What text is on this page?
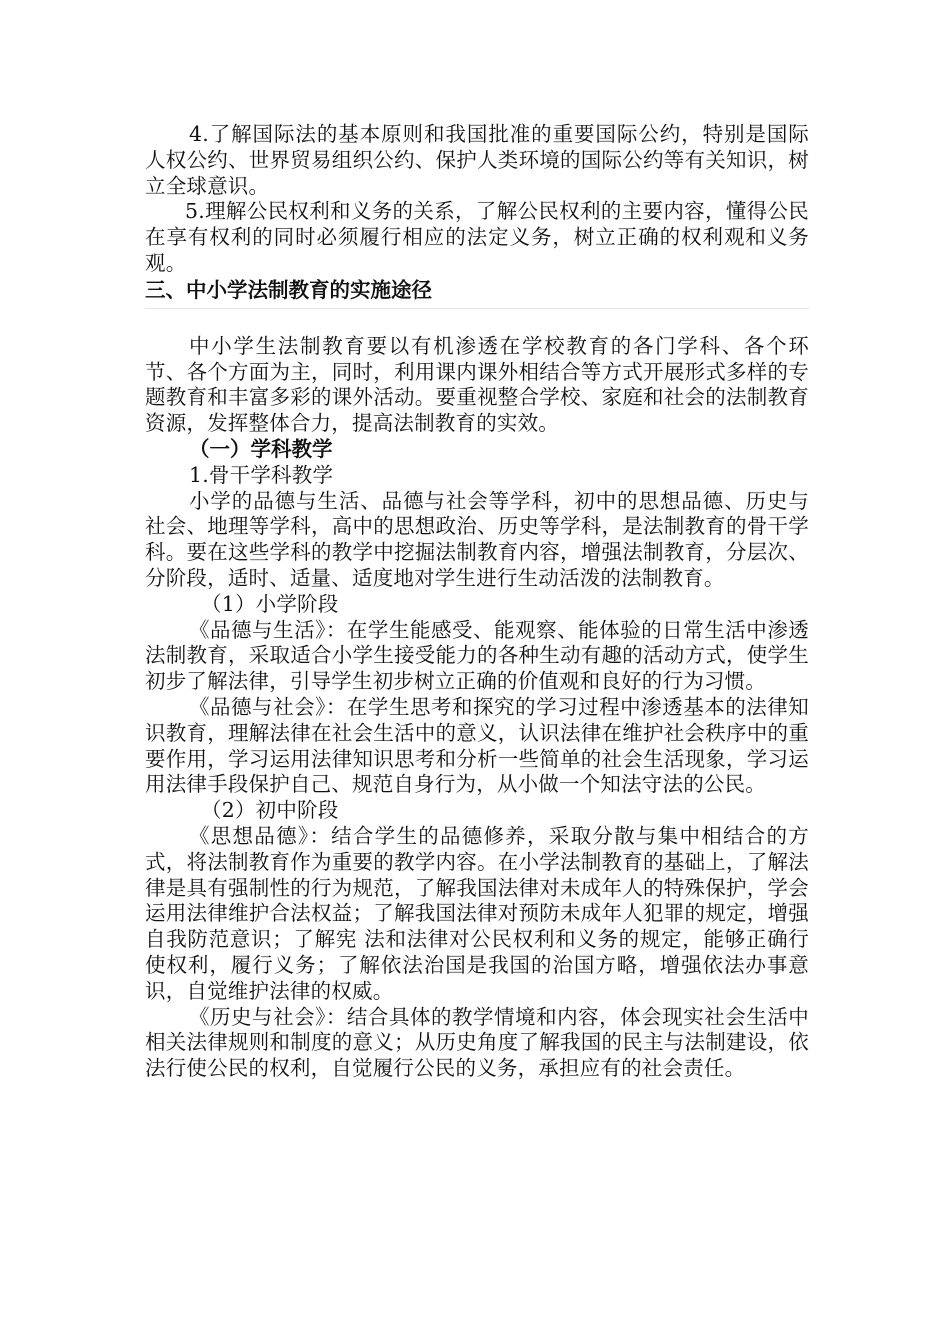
4.了解国际法的基本原则和我国批准的重要国际公约，特别是国际人权公约、世界贸易组织公约、保护人类环境的国际公约等有关知识，树立全球意识。

5.理解公民权利和义务的关系，了解公民权利的主要内容，懂得公民在享有权利的同时必须履行相应的法定义务，树立正确的权利观和义务观。

三、中小学法制教育的实施途径

中小学生法制教育要以有机渗透在学校教育的各门学科、各个环节、各个方面为主，同时，利用课内课外相结合等方式开展形式多样的专题教育和丰富多彩的课外活动。要重视整合学校、家庭和社会的法制教育资源，发挥整体合力，提高法制教育的实效。

（一）学科教学

1.骨干学科教学

小学的品德与生活、品德与社会等学科，初中的思想品德、历史与社会、地理等学科，高中的思想政治、历史等学科，是法制教育的骨干学科。要在这些学科的教学中挖掘法制教育内容，增强法制教育，分层次、分阶段，适时、适量、适度地对学生进行生动活泼的法制教育。

（1）小学阶段

《品德与生活》：在学生能感受、能观察、能体验的日常生活中渗透法制教育，采取适合小学生接受能力的各种生动有趣的活动方式，使学生初步了解法律，引导学生初步树立正确的价值观和良好的行为习惯。

《品德与社会》：在学生思考和探究的学习过程中渗透基本的法律知识教育，理解法律在社会生活中的意义，认识法律在维护社会秩序中的重要作用，学习运用法律知识思考和分析一些简单的社会生活现象，学习运用法律手段保护自己、规范自身行为，从小做一个知法守法的公民。

（2）初中阶段

《思想品德》：结合学生的品德修养，采取分散与集中相结合的方式，将法制教育作为重要的教学内容。在小学法制教育的基础上，了解法律是具有强制性的行为规范，了解我国法律对未成年人的特殊保护，学会运用法律维护合法权益；了解我国法律对预防未成年人犯罪的规定，增强自我防范意识；了解宪 法和法律对公民权利和义务的规定，能够正确行使权利，履行义务；了解依法治国是我国的治国方略，增强依法办事意识，自觉维护法律的权威。

《历史与社会》：结合具体的教学情境和内容，体会现实社会生活中相关法律规则和制度的意义；从历史角度了解我国的民主与法制建设，依法行使公民的权利，自觉履行公民的义务，承担应有的社会责任。
